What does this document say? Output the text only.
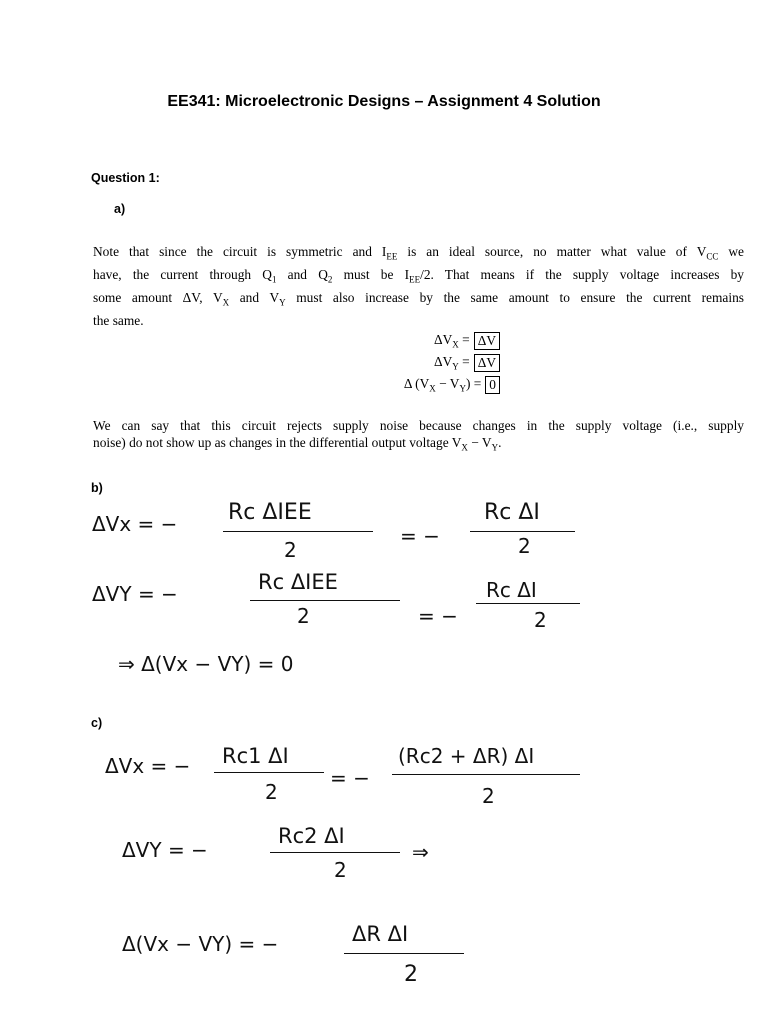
EE341: Microelectronic Designs – Assignment 4 Solution
Question 1:
a)
Note that since the circuit is symmetric and $I_{EE}$ is an ideal source, no matter what value of $V_{CC}$ we
have, the current through $Q_1$ and $Q_2$ must be $I_{EE}/2$. That means if the supply voltage increases by
some amount ΔV, $V_X$ and $V_Y$ must also increase by the same amount to ensure the current remains
the same.
$\Delta V_X = \Delta V$
$\Delta V_Y = \Delta V$
Δ $(V_X - V_Y) = 0$
We can say that this circuit rejects supply noise because changes in the supply voltage (i.e., supply
noise) do not show up as changes in the differential output voltage $V_X - V_Y$.
b)
ΔVx = − Rc ΔIEE
2
= −
Rc ΔI
2
ΔVY = −	Rc ΔIEE
2	= −
Rc ΔI
2
⇒ Δ(Vx − VY) = 0
c)
ΔVx = − Rc1 ΔI
2
= −
(Rc2 + ΔR) ΔI
2
ΔVY = −
Rc2 ΔI
2
⇒
Δ(Vx − VY) = −	ΔR ΔI
2
